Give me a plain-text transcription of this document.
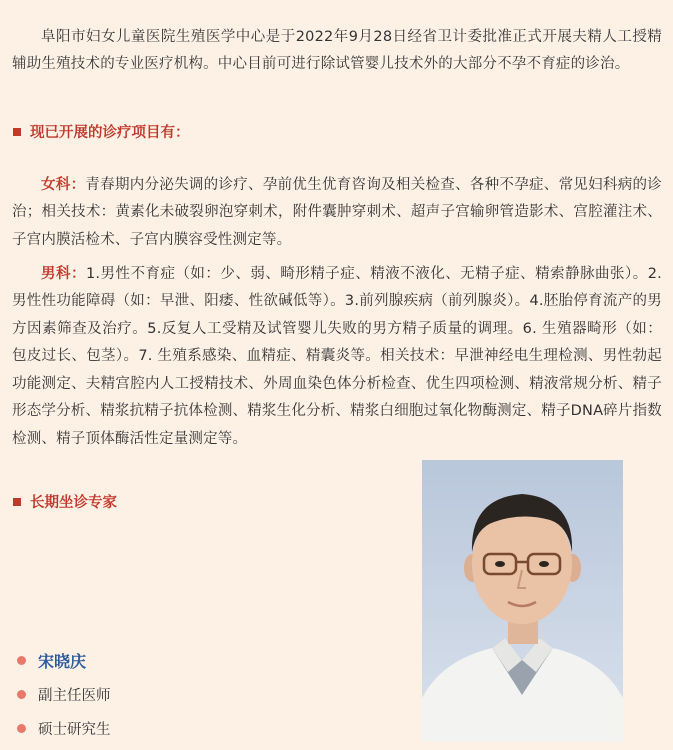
阜阳市妇女儿童医院生殖医学中心是于2022年9月28日经省卫计委批准正式开展夫精人工授精辅助生殖技术的专业医疗机构。中心目前可进行除试管婴儿技术外的大部分不孕不育症的诊治。

现已开展的诊疗项目有：

女科：青春期内分泌失调的诊疗、孕前优生优育咨询及相关检查、各种不孕症、常见妇科病的诊治；相关技术：黄素化未破裂卵泡穿刺术，附件囊肿穿刺术、超声子宫输卵管造影术、宫腔灌注术、子宫内膜活检术、子宫内膜容受性测定等。

男科：1.男性不育症（如：少、弱、畸形精子症、精液不液化、无精子症、精索静脉曲张）。2.男性性功能障碍（如：早泄、阳痿、性欲碱低等）。3.前列腺疾病（前列腺炎）。4.胚胎停育流产的男方因素筛查及治疗。5.反复人工受精及试管婴儿失败的男方精子质量的调理。6. 生殖器畸形（如：包皮过长、包茎）。7. 生殖系感染、血精症、精囊炎等。相关技术：早泄神经电生理检测、男性勃起功能测定、夫精宫腔内人工授精技术、外周血染色体分析检查、优生四项检测、精液常规分析、精子形态学分析、精浆抗精子抗体检测、精浆生化分析、精浆白细胞过氧化物酶测定、精子DNA碎片指数检测、精子顶体酶活性定量测定等。

长期坐诊专家
宋晓庆
副主任医师
硕士研究生
